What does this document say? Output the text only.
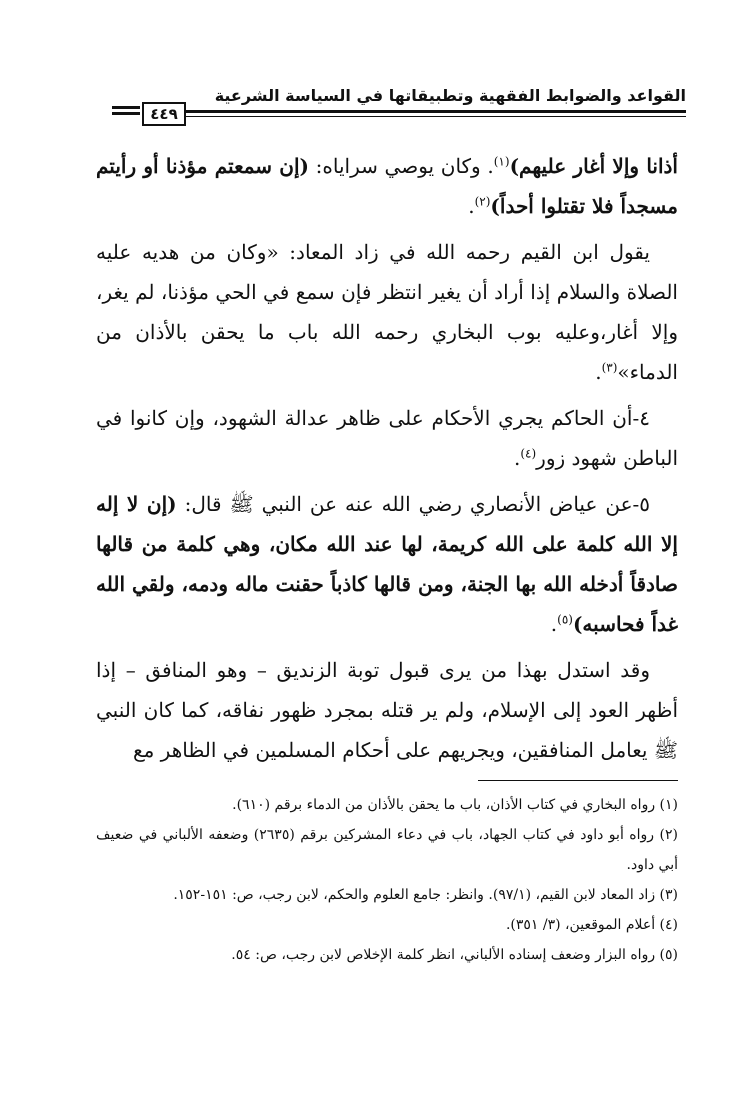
القواعد والضوابط الفقهية وتطبيقاتها في السياسة الشرعية
٤٤٩

أذانا وإلا أغار عليهم)$^{(١)}$. وكان يوصي سراياه: (إن سمعتم مؤذنا أو رأيتم مسجداً فلا تقتلوا أحداً)$^{(٢)}$.

يقول ابن القيم رحمه الله في زاد المعاد: «وكان من هديه عليه الصلاة والسلام إذا أراد أن يغير انتظر فإن سمع في الحي مؤذنا، لم يغر، وإلا أغار،وعليه بوب البخاري رحمه الله باب ما يحقن بالأذان من الدماء»$^{(٣)}$.

٤-أن الحاكم يجري الأحكام على ظاهر عدالة الشهود، وإن كانوا في الباطن شهود زور$^{(٤)}$.

٥-عن عياض الأنصاري رضي الله عنه عن النبي ﷺ قال: (إن لا إله إلا الله كلمة على الله كريمة، لها عند الله مكان، وهي كلمة من قالها صادقاً أدخله الله بها الجنة، ومن قالها كاذباً حقنت ماله ودمه، ولقي الله غداً فحاسبه)$^{(٥)}$.

وقد استدل بهذا من يرى قبول توبة الزنديق – وهو المنافق – إذا أظهر العود إلى الإسلام، ولم ير قتله بمجرد ظهور نفاقه، كما كان النبي ﷺ يعامل المنافقين، ويجريهم على أحكام المسلمين في الظاهر مع

(١) رواه البخاري في كتاب الأذان، باب ما يحقن بالأذان من الدماء برقم (٦١٠).

(٢) رواه أبو داود في كتاب الجهاد، باب في دعاء المشركين برقم (٢٦٣٥) وضعفه الألباني في ضعيف أبي داود.

(٣) زاد المعاد لابن القيم، (٩٧/١). وانظر: جامع العلوم والحكم، لابن رجب، ص: ١٥١-١٥٢.

(٤) أعلام الموقعين، (٣/ ٣٥١).

(٥) رواه البزار وضعف إسناده الألباني، انظر كلمة الإخلاص لابن رجب، ص: ٥٤.
